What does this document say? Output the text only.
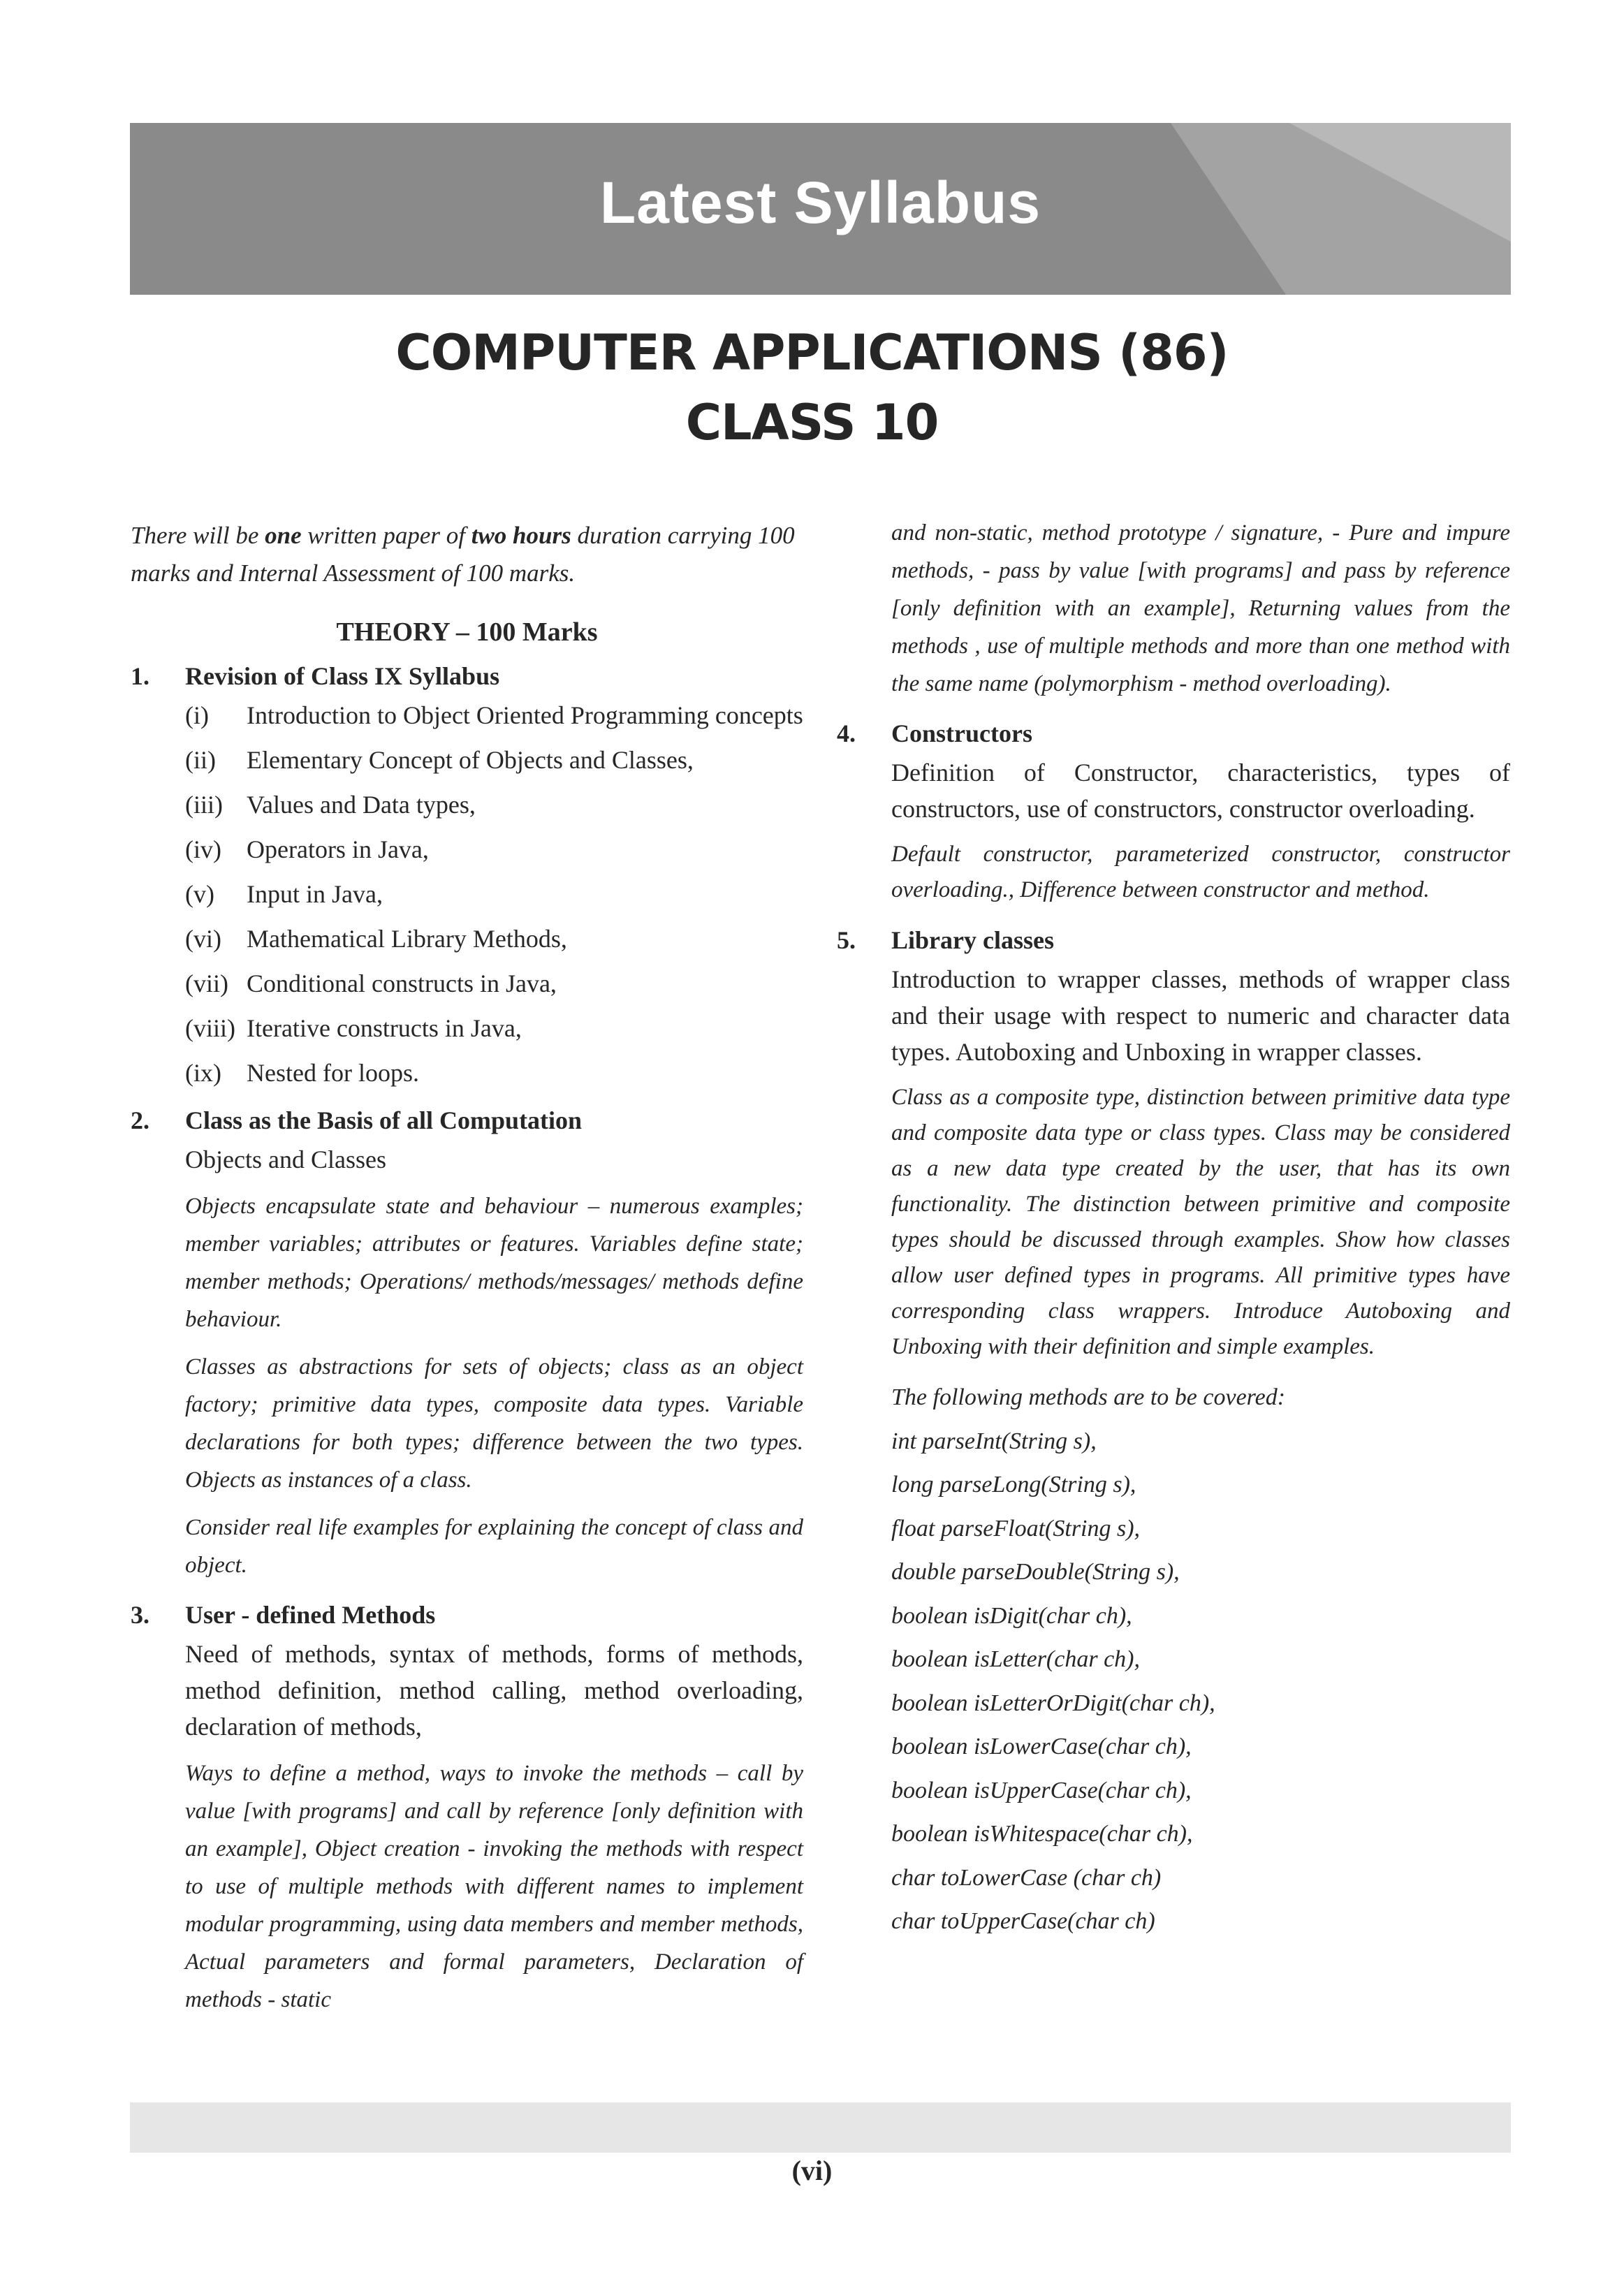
Latest Syllabus
COMPUTER APPLICATIONS (86)
CLASS 10

There will be one written paper of two hours duration carrying 100 marks and Internal Assessment of 100 marks.

THEORY – 100 Marks
1.	Revision of Class IX Syllabus
(i)	Introduction to Object Oriented Programming concepts
(ii)	Elementary Concept of Objects and Classes,
(iii) Values and Data types,
(iv)	Operators in Java,
(v)	Input in Java,
(vi)	Mathematical Library Methods,
(vii) Conditional constructs in Java,
(viii) Iterative constructs in Java,
(ix)	Nested for loops.
2.	Class as the Basis of all Computation

Objects and Classes

Objects encapsulate state and behaviour – numerous examples; member variables; attributes or features. Variables define state; member methods; Operations/ methods/messages/ methods define behaviour.

Classes as abstractions for sets of objects; class as an object factory; primitive data types, composite data types. Variable declarations for both types; difference between the two types. Objects as instances of a class.

Consider real life examples for explaining the concept of class and object.

3.	User - defined Methods

Need of methods, syntax of methods, forms of methods, method definition, method calling, method overloading, declaration of methods,

Ways to define a method, ways to invoke the methods – call by value [with programs] and call by reference [only definition with an example], Object creation - invoking the methods with respect to use of multiple methods with different names to implement modular programming, using data members and member methods, Actual parameters and formal parameters, Declaration of methods - static

and non-static, method prototype / signature, - Pure and impure methods, - pass by value [with programs] and pass by reference [only definition with an example], Returning values from the methods , use of multiple methods and more than one method with the same name (polymorphism - method overloading).

4.	Constructors

Definition of Constructor, characteristics, types of constructors, use of constructors, constructor overloading.

Default constructor, parameterized constructor, constructor overloading., Difference between constructor and method.

5.	Library classes

Introduction to wrapper classes, methods of wrapper class and their usage with respect to numeric and character data types. Autoboxing and Unboxing in wrapper classes.

Class as a composite type, distinction between primitive data type and composite data type or class types. Class may be considered as a new data type created by the user, that has its own functionality. The distinction between primitive and composite types should be discussed through examples. Show how classes allow user defined types in programs. All primitive types have corresponding class wrappers. Introduce Autoboxing and Unboxing with their definition and simple examples.

The following methods are to be covered:

int parseInt(String s),

long parseLong(String s),

float parseFloat(String s),

double parseDouble(String s),

boolean isDigit(char ch),

boolean isLetter(char ch),

boolean isLetterOrDigit(char ch),

boolean isLowerCase(char ch),

boolean isUpperCase(char ch),

boolean isWhitespace(char ch),

char toLowerCase (char ch)

char toUpperCase(char ch)

(vi)
